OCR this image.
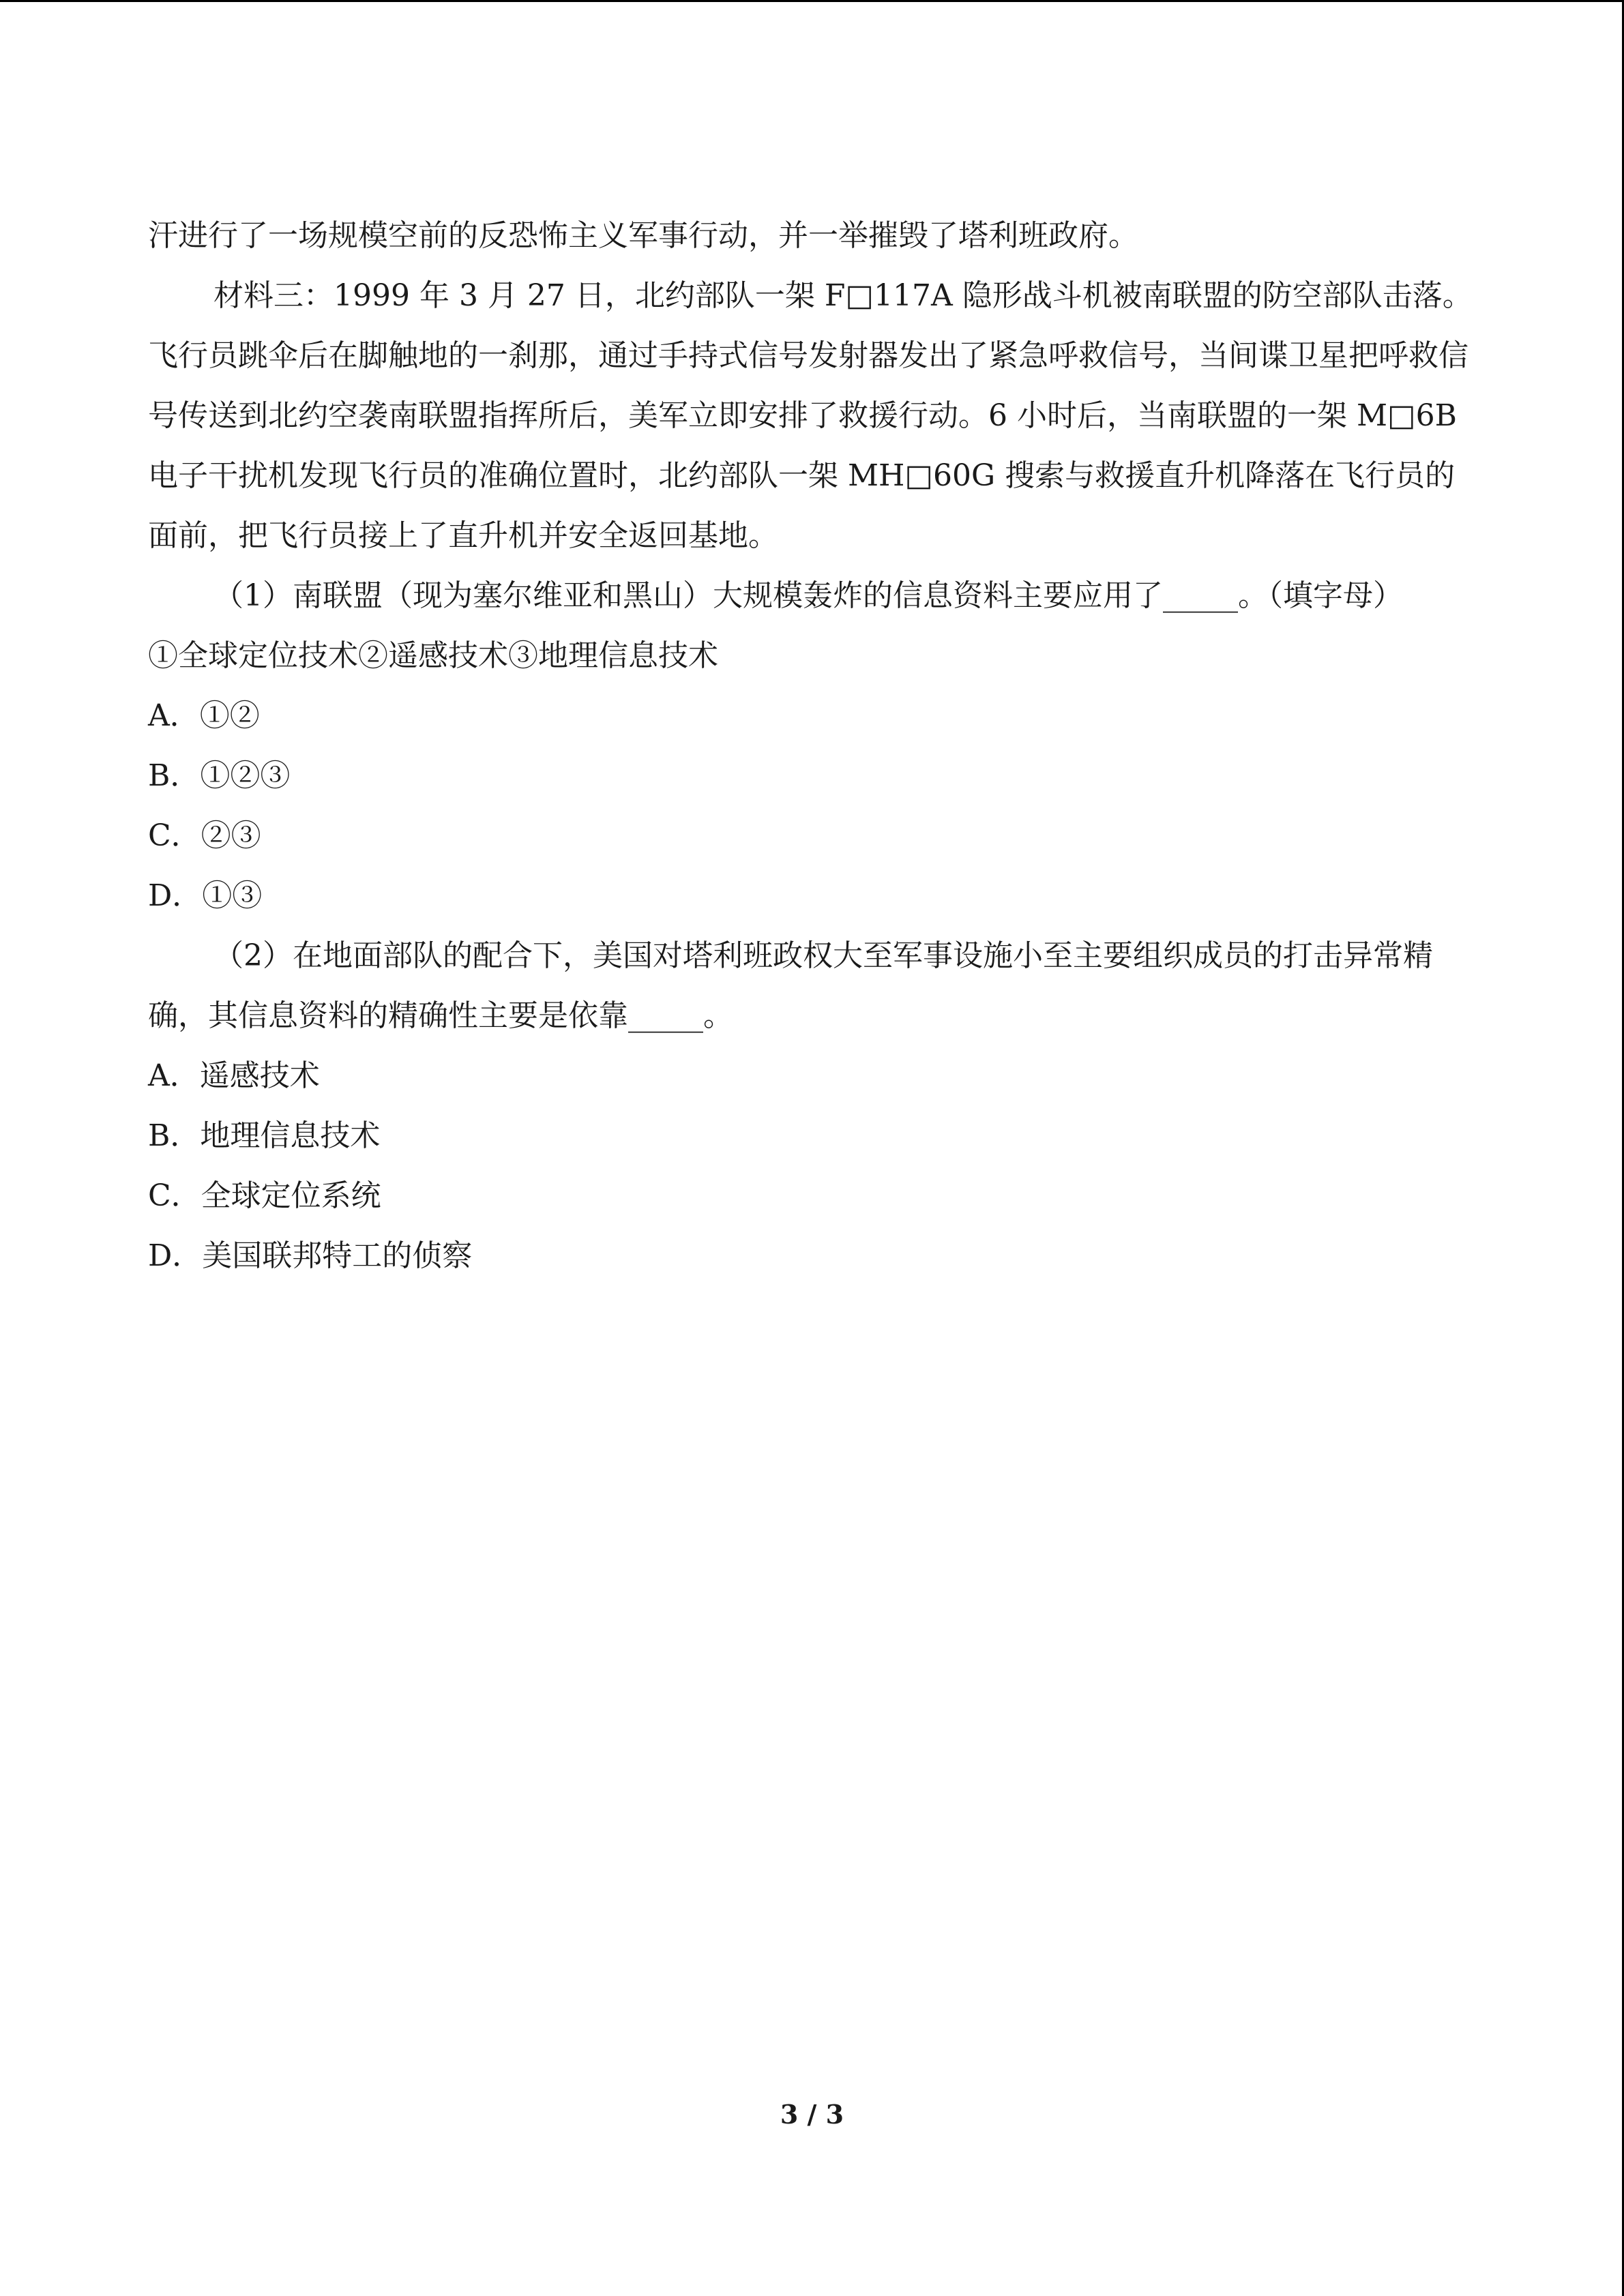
汗进行了一场规模空前的反恐怖主义军事行动，并一举摧毁了塔利班政府。

材料三：1999 年 3 月 27 日，北约部队一架 F□117A 隐形战斗机被南联盟的防空部队击落。飞行员跳伞后在脚触地的一刹那，通过手持式信号发射器发出了紧急呼救信号，当间谍卫星把呼救信号传送到北约空袭南联盟指挥所后，美军立即安排了救援行动。6 小时后，当南联盟的一架 M□6B 电子干扰机发现飞行员的准确位置时，北约部队一架 MH□60G 搜索与救援直升机降落在飞行员的面前，把飞行员接上了直升机并安全返回基地。

（1）南联盟（现为塞尔维亚和黑山）大规模轰炸的信息资料主要应用了_____。（填字母）

①全球定位技术②遥感技术③地理信息技术

A．①②

B．①②③

C．②③

D．①③

（2）在地面部队的配合下，美国对塔利班政权大至军事设施小至主要组织成员的打击异常精确，其信息资料的精确性主要是依靠_____。

A．遥感技术

B．地理信息技术

C．全球定位系统

D．美国联邦特工的侦察

3 / 3
